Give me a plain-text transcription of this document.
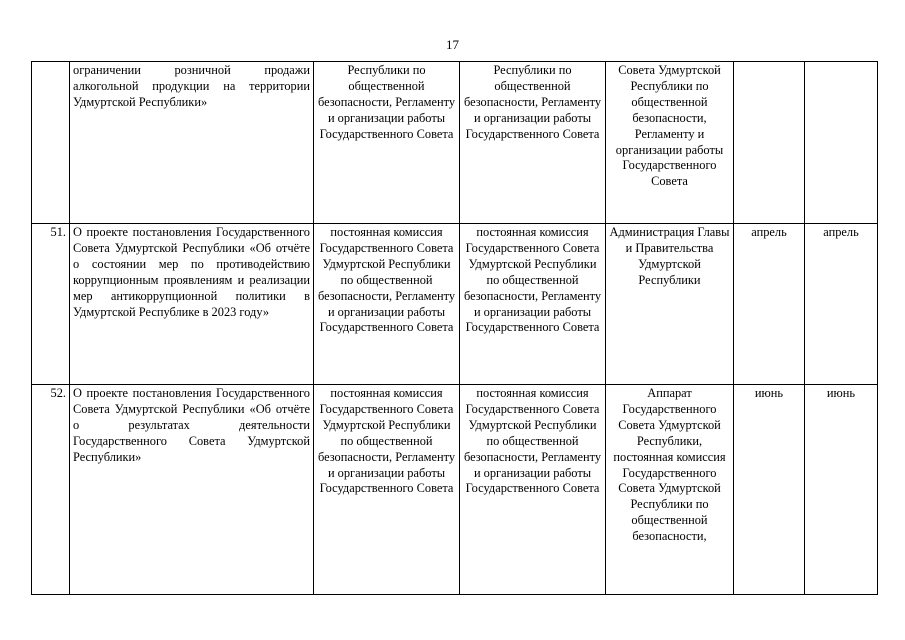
17
	ограничении розничной продажи алкогольной продукции на территории Удмуртской Республики»	Республики по общественной безопасности, Регламенту и организации работы Государственного Совета	Республики по общественной безопасности, Регламенту и организации работы Государственного Совета	Совета Удмуртской Республики по общественной безопасности, Регламенту и организации работы Государственного Совета		
51.	О проекте постановления Государственного Совета Удмуртской Республики «Об отчёте о состоянии мер по противодействию коррупционным проявлениям и реализации мер антикоррупционной политики в Удмуртской Республике в 2023 году»	постоянная комиссия Государственного Совета Удмуртской Республики по общественной безопасности, Регламенту и организации работы Государственного Совета	постоянная комиссия Государственного Совета Удмуртской Республики по общественной безопасности, Регламенту и организации работы Государственного Совета	Администрация Главы и Правительства Удмуртской Республики	апрель	апрель
52.	О проекте постановления Государственного Совета Удмуртской Республики «Об отчёте о результатах деятельности Государственного Совета Удмуртской Республики»	постоянная комиссия Государственного Совета Удмуртской Республики по общественной безопасности, Регламенту и организации работы Государственного Совета	постоянная комиссия Государственного Совета Удмуртской Республики по общественной безопасности, Регламенту и организации работы Государственного Совета	Аппарат Государственного Совета Удмуртской Республики, постоянная комиссия Государственного Совета Удмуртской Республики по общественной безопасности,	июнь	июнь
